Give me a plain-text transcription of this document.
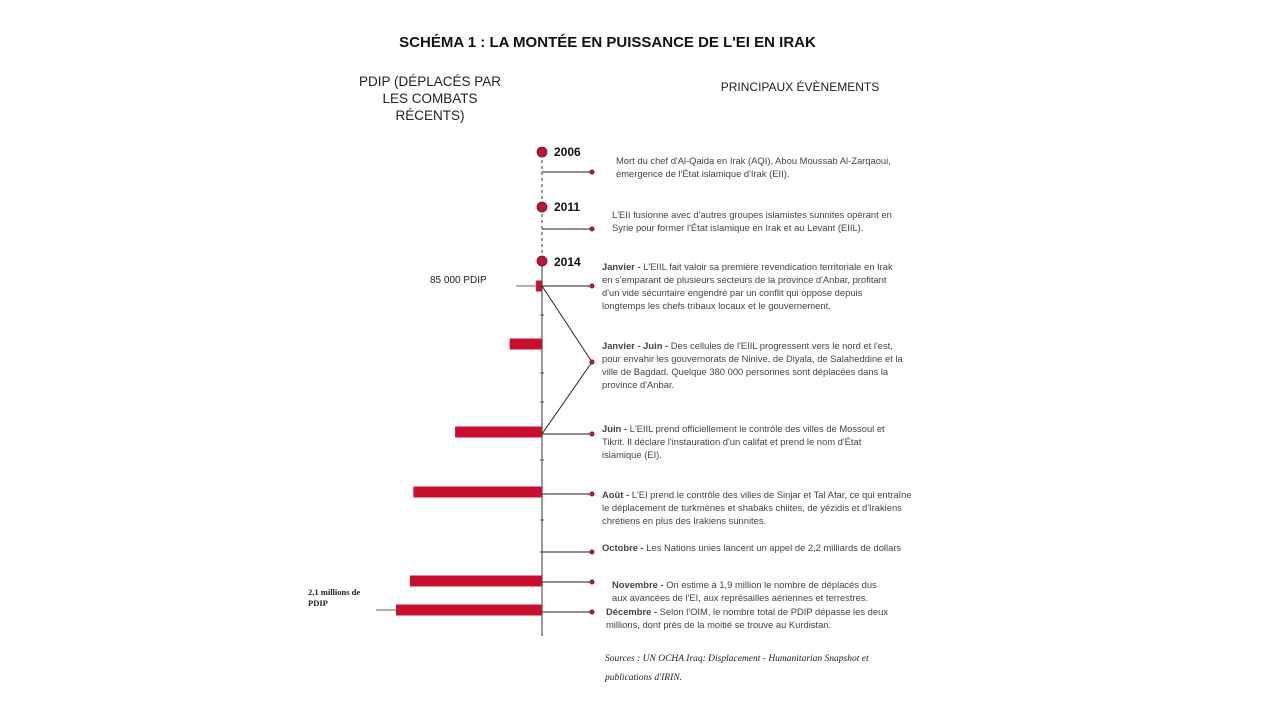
SCHÉMA 1 : LA MONTÉE EN PUISSANCE DE L'EI EN IRAK
PDIP (DÉPLACÉS PAR LES COMBATS RÉCENTS)
PRINCIPAUX ÉVÈNEMENTS
2006
2011
2014
Mort du chef d'Al-Qaida en Irak (AQI), Abou Moussab Al-Zarqaoui, émergence de l'État islamique d'Irak (EII).
L'EII fusionne avec d'autres groupes islamistes sunnites opérant en Syrie pour former l'État islamique en Irak et au Levant (EIIL).
Janvier - L'EIIL fait valoir sa première revendication territoriale en Irak en s'emparant de plusieurs secteurs de la province d'Anbar, profitant d'un vide sécuritaire engendré par un conflit qui oppose depuis longtemps les chefs tribaux locaux et le gouvernement.
Janvier - Juin - Des cellules de l'EIIL progressent vers le nord et l'est, pour envahir les gouvernorats de Ninive, de Diyala, de Salaheddine et la ville de Bagdad. Quelque 380 000 personnes sont déplacées dans la province d'Anbar.
Juin - L'EIIL prend officiellement le contrôle des villes de Mossoul et Tikrit. Il déclare l'instauration d'un califat et prend le nom d'État islamique (EI).
Août - L'EI prend le contrôle des villes de Sinjar et Tal Afar, ce qui entraîne le déplacement de turkmènes et shabaks chiites, de yézidis et d'Irakiens chrétiens en plus des Irakiens sunnites.
Octobre - Les Nations unies lancent un appel de 2,2 milliards de dollars
Novembre - On estime à 1,9 million le nombre de déplacés dus aux avancées de l'EI, aux représailles aériennes et terrestres.
Décembre - Selon l'OIM, le nombre total de PDIP dépasse les deux millions, dont près de la moitié se trouve au Kurdistan.
85 000 PDIP
2,1 millions de PDIP
Sources : UN OCHA Iraq: Displacement - Humanitarian Snapshot et publications d'IRIN.
